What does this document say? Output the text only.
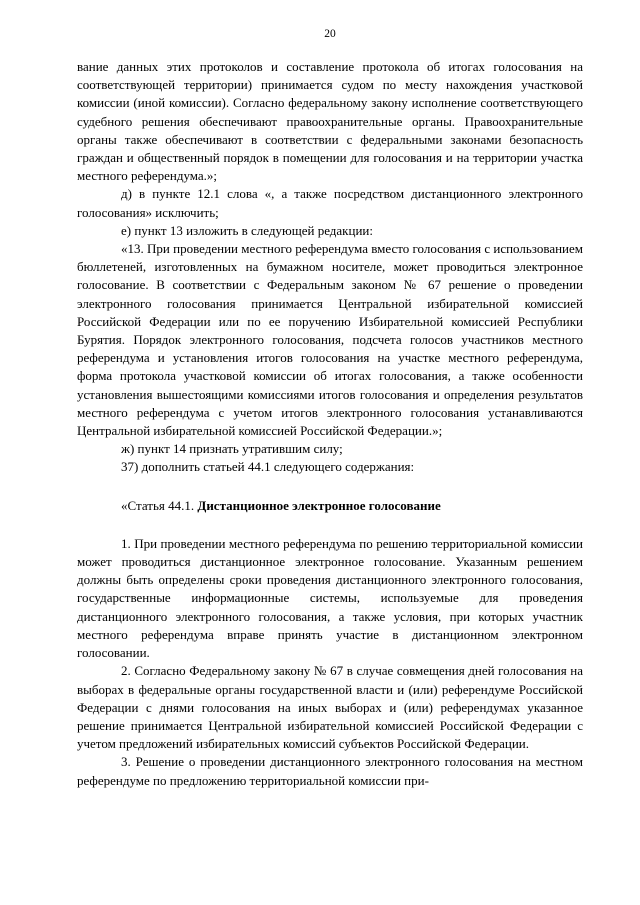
20

вание данных этих протоколов и составление протокола об итогах голосования на соответствующей территории) принимается судом по месту нахождения участковой комиссии (иной комиссии). Согласно федеральному закону исполнение соответствующего судебного решения обеспечивают правоохранительные органы. Правоохранительные органы также обеспечивают в соответствии с федеральными законами безопасность граждан и общественный порядок в помещении для голосования и на территории участка местного референдума.»;

д) в пункте 12.1 слова «, а также посредством дистанционного электронного голосования» исключить;

е) пункт 13 изложить в следующей редакции:

«13. При проведении местного референдума вместо голосования с использованием бюллетеней, изготовленных на бумажном носителе, может проводиться электронное голосование. В соответствии с Федеральным законом № 67 решение о проведении электронного голосования принимается Центральной избирательной комиссией Российской Федерации или по ее поручению Избирательной комиссией Республики Бурятия. Порядок электронного голосования, подсчета голосов участников местного референдума и установления итогов голосования на участке местного референдума, форма протокола участковой комиссии об итогах голосования, а также особенности установления вышестоящими комиссиями итогов голосования и определения результатов местного референдума с учетом итогов электронного голосования устанавливаются Центральной избирательной комиссией Российской Федерации.»;

ж) пункт 14 признать утратившим силу;

37) дополнить статьей 44.1 следующего содержания:

«Статья 44.1. Дистанционное электронное голосование

1. При проведении местного референдума по решению территориальной комиссии может проводиться дистанционное электронное голосование. Указанным решением должны быть определены сроки проведения дистанционного электронного голосования, государственные информационные системы, используемые для проведения дистанционного электронного голосования, а также условия, при которых участник местного референдума вправе принять участие в дистанционном электронном голосовании.

2. Согласно Федеральному закону № 67 в случае совмещения дней голосования на выборах в федеральные органы государственной власти и (или) референдуме Российской Федерации с днями голосования на иных выборах и (или) референдумах указанное решение принимается Центральной избирательной комиссией Российской Федерации с учетом предложений избирательных комиссий субъектов Российской Федерации.

3. Решение о проведении дистанционного электронного голосования на местном референдуме по предложению территориальной комиссии при-
